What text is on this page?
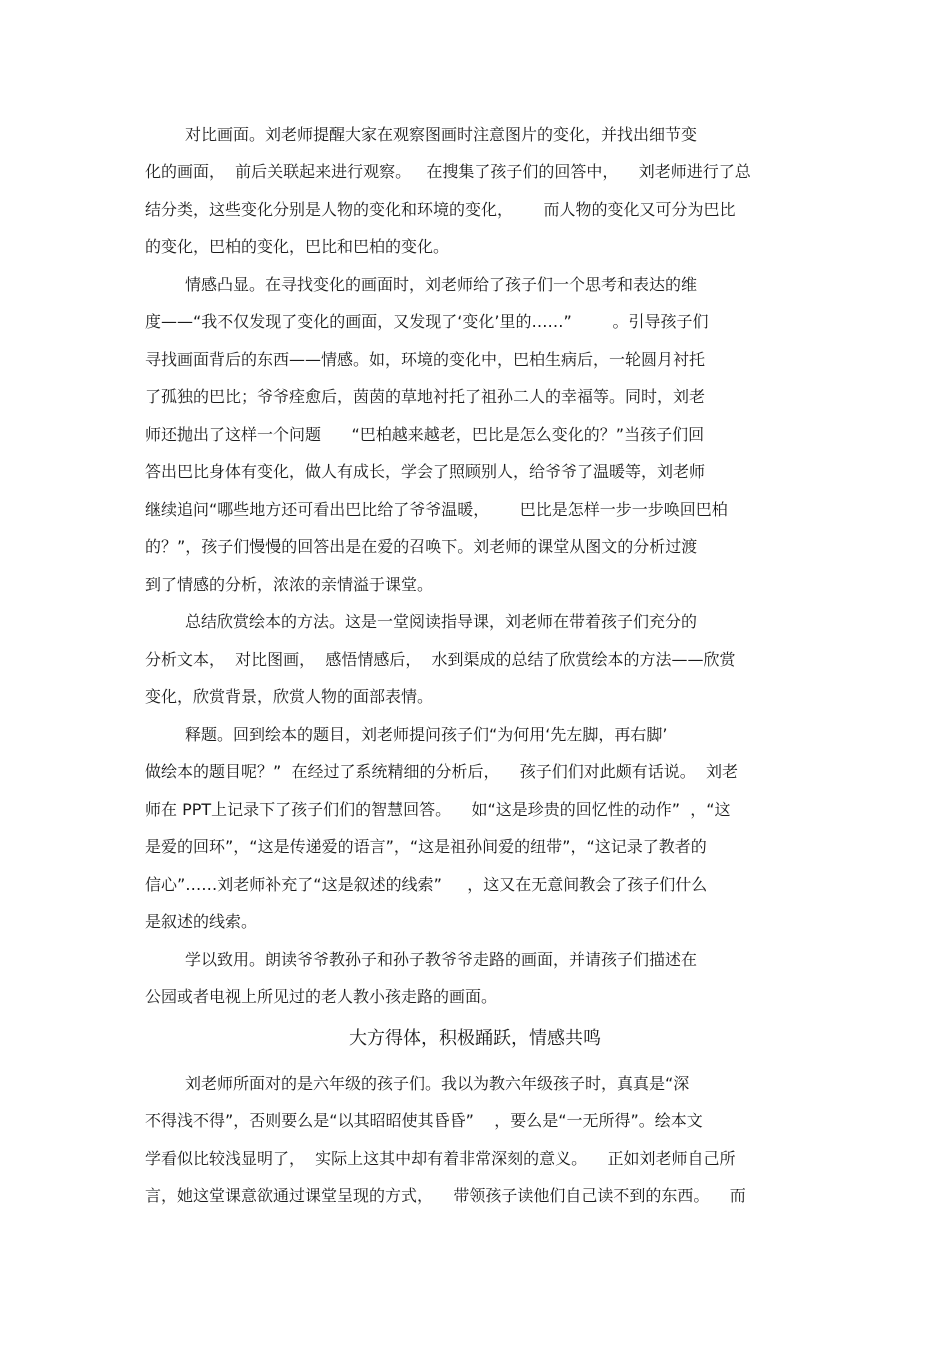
对比画面。刘老师提醒大家在观察图画时注意图片的变化，并找出细节变
化的画面，  前后关联起来进行观察。   在搜集了孩子们的回答中，    刘老师进行了总
结分类，这些变化分别是人物的变化和环境的变化，      而人物的变化又可分为巴比
的变化，巴柏的变化，巴比和巴柏的变化。
情感凸显。在寻找变化的画面时，刘老师给了孩子们一个思考和表达的维
度——“我不仅发现了变化的画面，又发现了‘变化’里的……”        。引导孩子们
寻找画面背后的东西——情感。如，环境的变化中，巴柏生病后，一轮圆月衬托
了孤独的巴比；爷爷痊愈后，茵茵的草地衬托了祖孙二人的幸福等。同时，刘老
师还抛出了这样一个问题      “巴柏越来越老，巴比是怎么变化的？”当孩子们回
答出巴比身体有变化，做人有成长，学会了照顾别人，给爷爷了温暖等，刘老师
继续追问“哪些地方还可看出巴比给了爷爷温暖，      巴比是怎样一步一步唤回巴柏
的？”，孩子们慢慢的回答出是在爱的召唤下。刘老师的课堂从图文的分析过渡
到了情感的分析，浓浓的亲情溢于课堂。
总结欣赏绘本的方法。这是一堂阅读指导课，刘老师在带着孩子们充分的
分析文本，  对比图画，  感悟情感后，  水到渠成的总结了欣赏绘本的方法——欣赏
变化，欣赏背景，欣赏人物的面部表情。
释题。回到绘本的题目，刘老师提问孩子们“为何用‘先左脚，再右脚’
做绘本的题目呢？”  在经过了系统精细的分析后，    孩子们们对此颇有话说。  刘老
师在 PPT上记录下了孩子们们的智慧回答。    如“这是珍贵的回忆性的动作”  ，“这
是爱的回环”，“这是传递爱的语言”，“这是祖孙间爱的纽带”，“这记录了教者的
信心”……刘老师补充了“这是叙述的线索”     ，这又在无意间教会了孩子们什么
是叙述的线索。
学以致用。朗读爷爷教孙子和孙子教爷爷走路的画面，并请孩子们描述在
公园或者电视上所见过的老人教小孩走路的画面。
大方得体，积极踊跃，情感共鸣
刘老师所面对的是六年级的孩子们。我以为教六年级孩子时，真真是“深
不得浅不得”，否则要么是“以其昭昭使其昏昏”    ，要么是“一无所得”。绘本文
学看似比较浅显明了，  实际上这其中却有着非常深刻的意义。    正如刘老师自己所
言，她这堂课意欲通过课堂呈现的方式，    带领孩子读他们自己读不到的东西。    而
